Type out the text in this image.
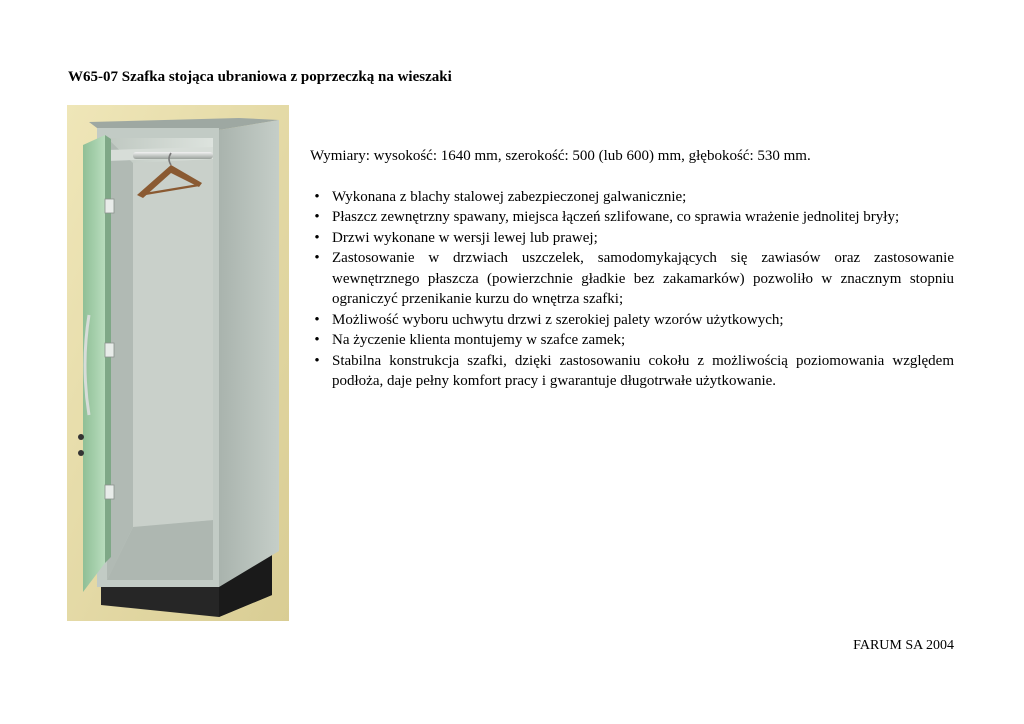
W65-07 Szafka stojąca ubraniowa z poprzeczką na wieszaki

Wymiary: wysokość: 1640 mm, szerokość: 500 (lub 600) mm, głębokość: 530 mm.

• Wykonana z blachy stalowej zabezpieczonej galwanicznie;
• Płaszcz zewnętrzny spawany, miejsca łączeń szlifowane, co sprawia wrażenie jednolitej bryły;
• Drzwi wykonane w wersji lewej lub prawej;
• Zastosowanie w drzwiach uszczelek, samodomykających się zawiasów oraz zastosowanie wewnętrznego płaszcza (powierzchnie gładkie bez zakamarków) pozwoliło w znacznym stopniu ograniczyć przenikanie kurzu do wnętrza szafki;
• Możliwość wyboru uchwytu drzwi z szerokiej palety wzorów użytkowych;
• Na życzenie klienta montujemy w szafce zamek;
• Stabilna konstrukcja szafki, dzięki zastosowaniu cokołu z możliwością poziomowania względem podłoża, daje pełny komfort pracy i gwarantuje długotrwałe użytkowanie.
FARUM SA 2004
